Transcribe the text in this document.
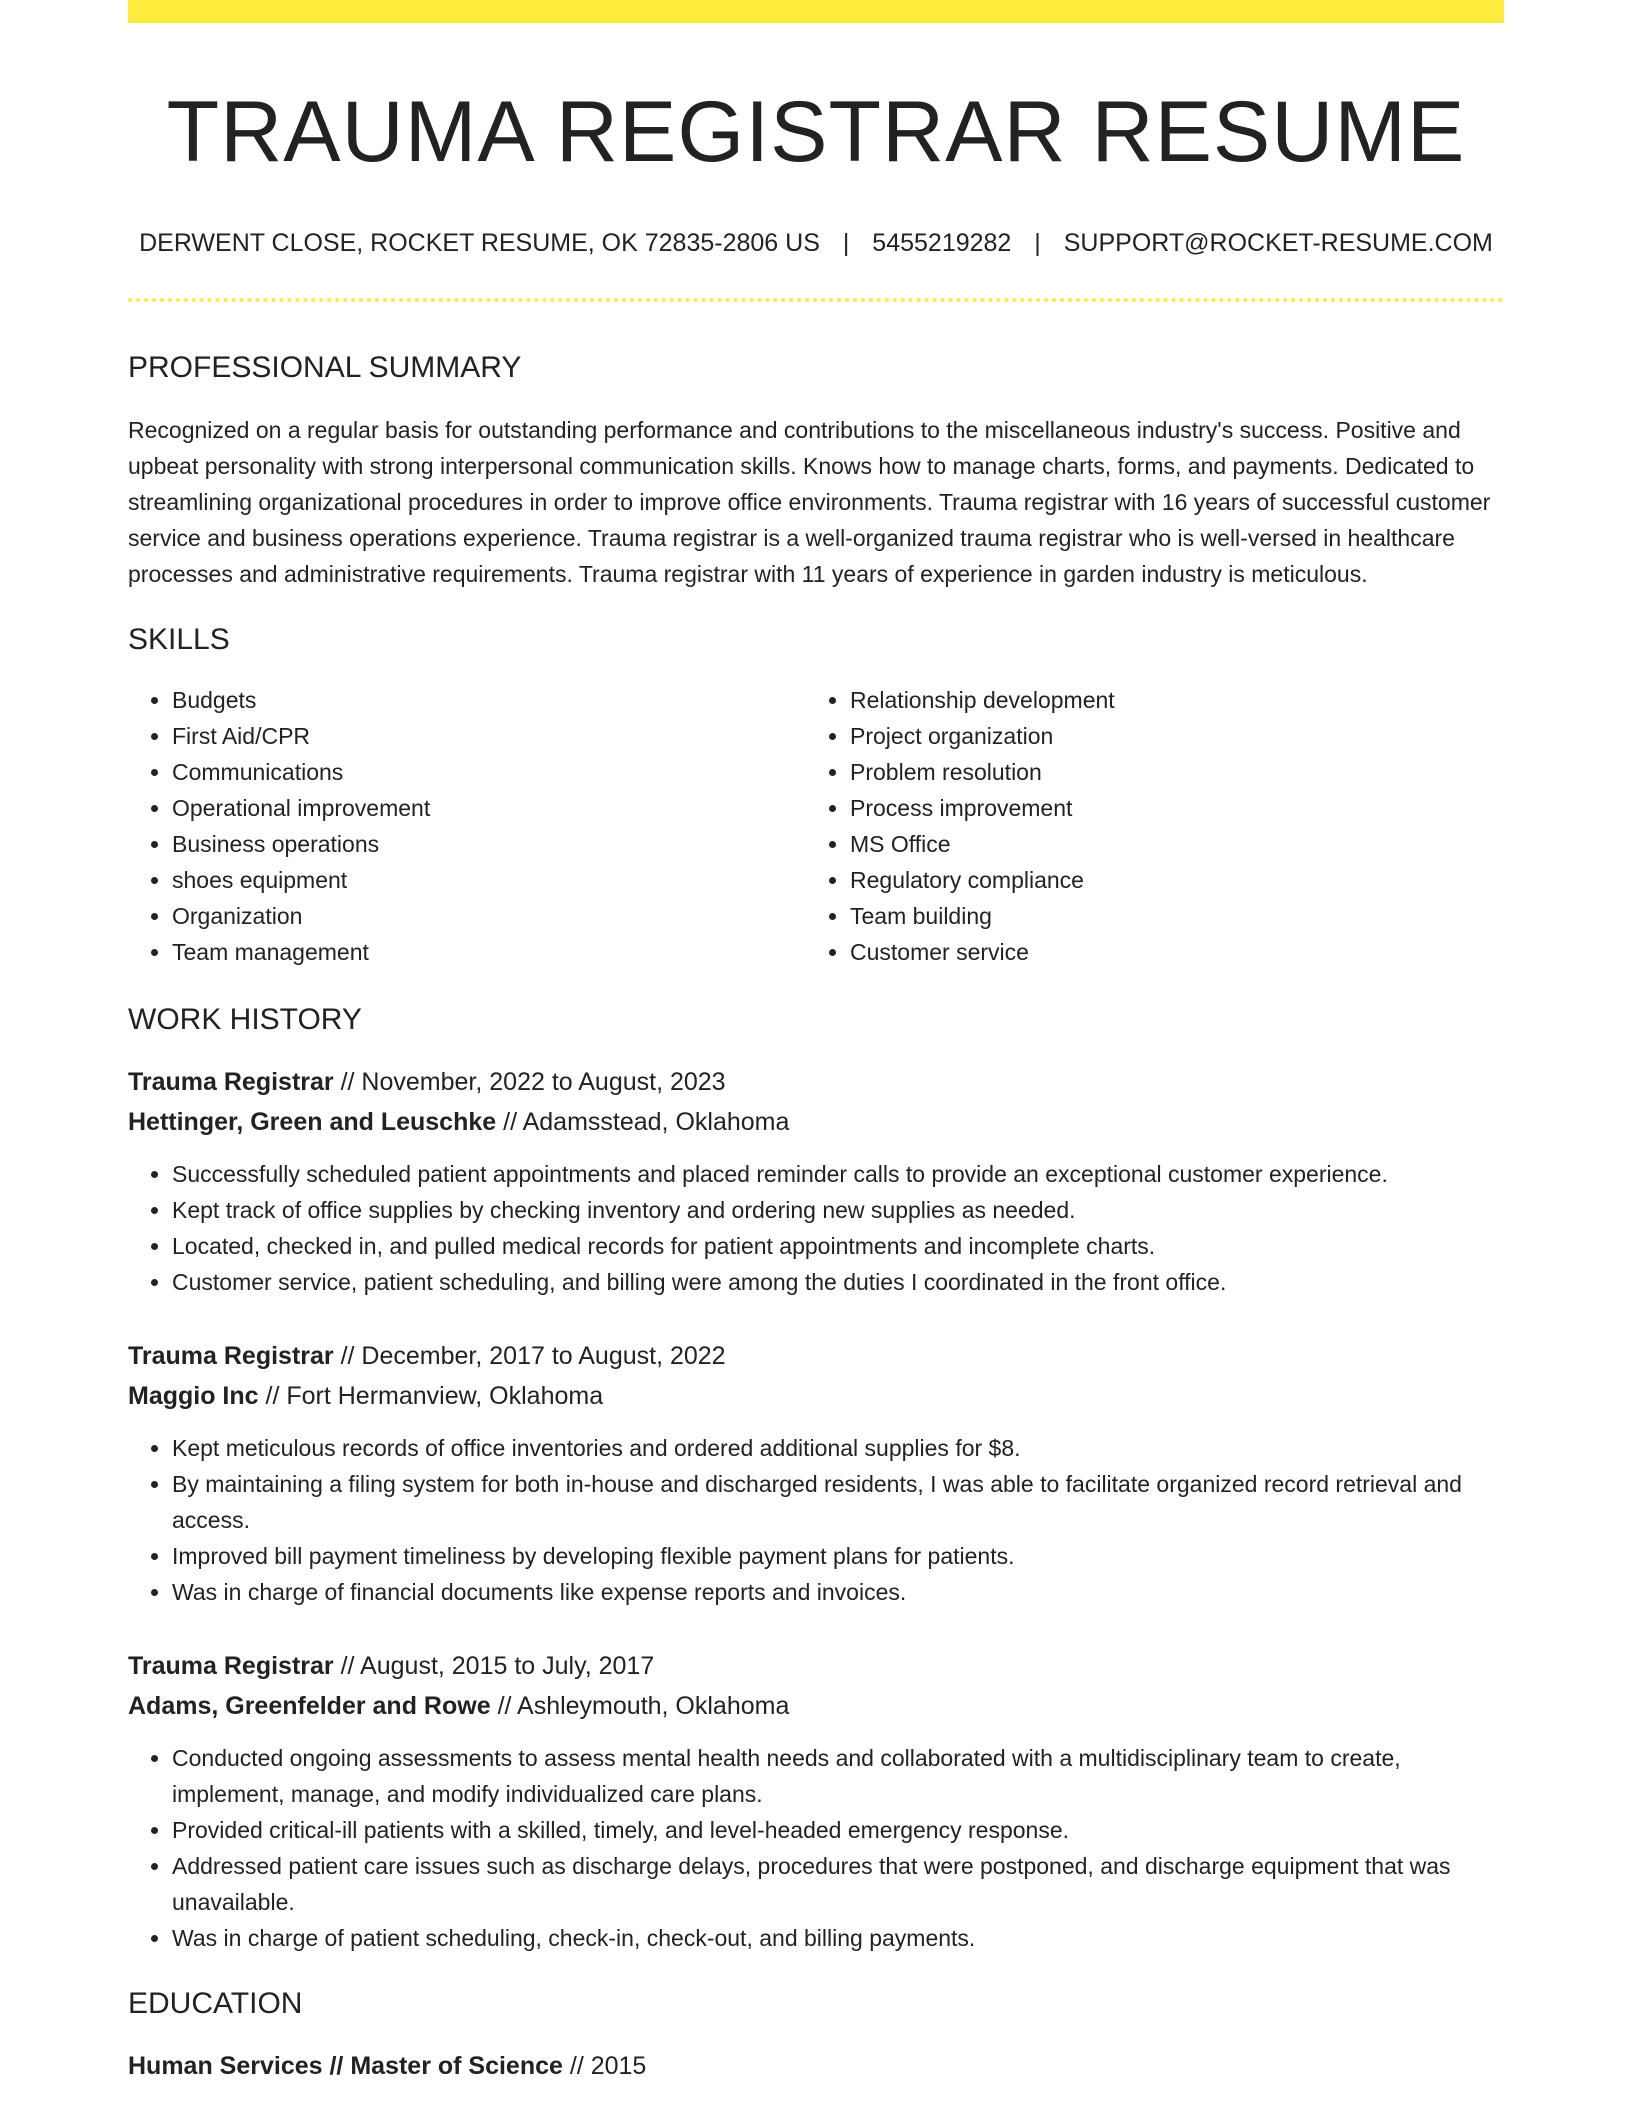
TRAUMA REGISTRAR RESUME
DERWENT CLOSE, ROCKET RESUME, OK 72835-2806 US | 5455219282 | SUPPORT@ROCKET-RESUME.COM
PROFESSIONAL SUMMARY

Recognized on a regular basis for outstanding performance and contributions to the miscellaneous industry's success. Positive and upbeat personality with strong interpersonal communication skills. Knows how to manage charts, forms, and payments. Dedicated to streamlining organizational procedures in order to improve office environments. Trauma registrar with 16 years of successful customer service and business operations experience. Trauma registrar is a well-organized trauma registrar who is well-versed in healthcare processes and administrative requirements. Trauma registrar with 11 years of experience in garden industry is meticulous.

SKILLS
• Budgets
• First Aid/CPR
• Communications
• Operational improvement
• Business operations
• shoes equipment
• Organization
• Team management
• Relationship development
• Project organization
• Problem resolution
• Process improvement
• MS Office
• Regulatory compliance
• Team building
• Customer service
WORK HISTORY
Trauma Registrar // November, 2022 to August, 2023
Hettinger, Green and Leuschke // Adamsstead, Oklahoma
• Successfully scheduled patient appointments and placed reminder calls to provide an exceptional customer experience.
• Kept track of office supplies by checking inventory and ordering new supplies as needed.
• Located, checked in, and pulled medical records for patient appointments and incomplete charts.
• Customer service, patient scheduling, and billing were among the duties I coordinated in the front office.
Trauma Registrar // December, 2017 to August, 2022
Maggio Inc // Fort Hermanview, Oklahoma
• Kept meticulous records of office inventories and ordered additional supplies for $8.
• By maintaining a filing system for both in-house and discharged residents, I was able to facilitate organized record retrieval and access.
• Improved bill payment timeliness by developing flexible payment plans for patients.
• Was in charge of financial documents like expense reports and invoices.
Trauma Registrar // August, 2015 to July, 2017
Adams, Greenfelder and Rowe // Ashleymouth, Oklahoma
• Conducted ongoing assessments to assess mental health needs and collaborated with a multidisciplinary team to create, implement, manage, and modify individualized care plans.
• Provided critical-ill patients with a skilled, timely, and level-headed emergency response.
• Addressed patient care issues such as discharge delays, procedures that were postponed, and discharge equipment that was unavailable.
• Was in charge of patient scheduling, check-in, check-out, and billing payments.
EDUCATION
Human Services // Master of Science // 2015
